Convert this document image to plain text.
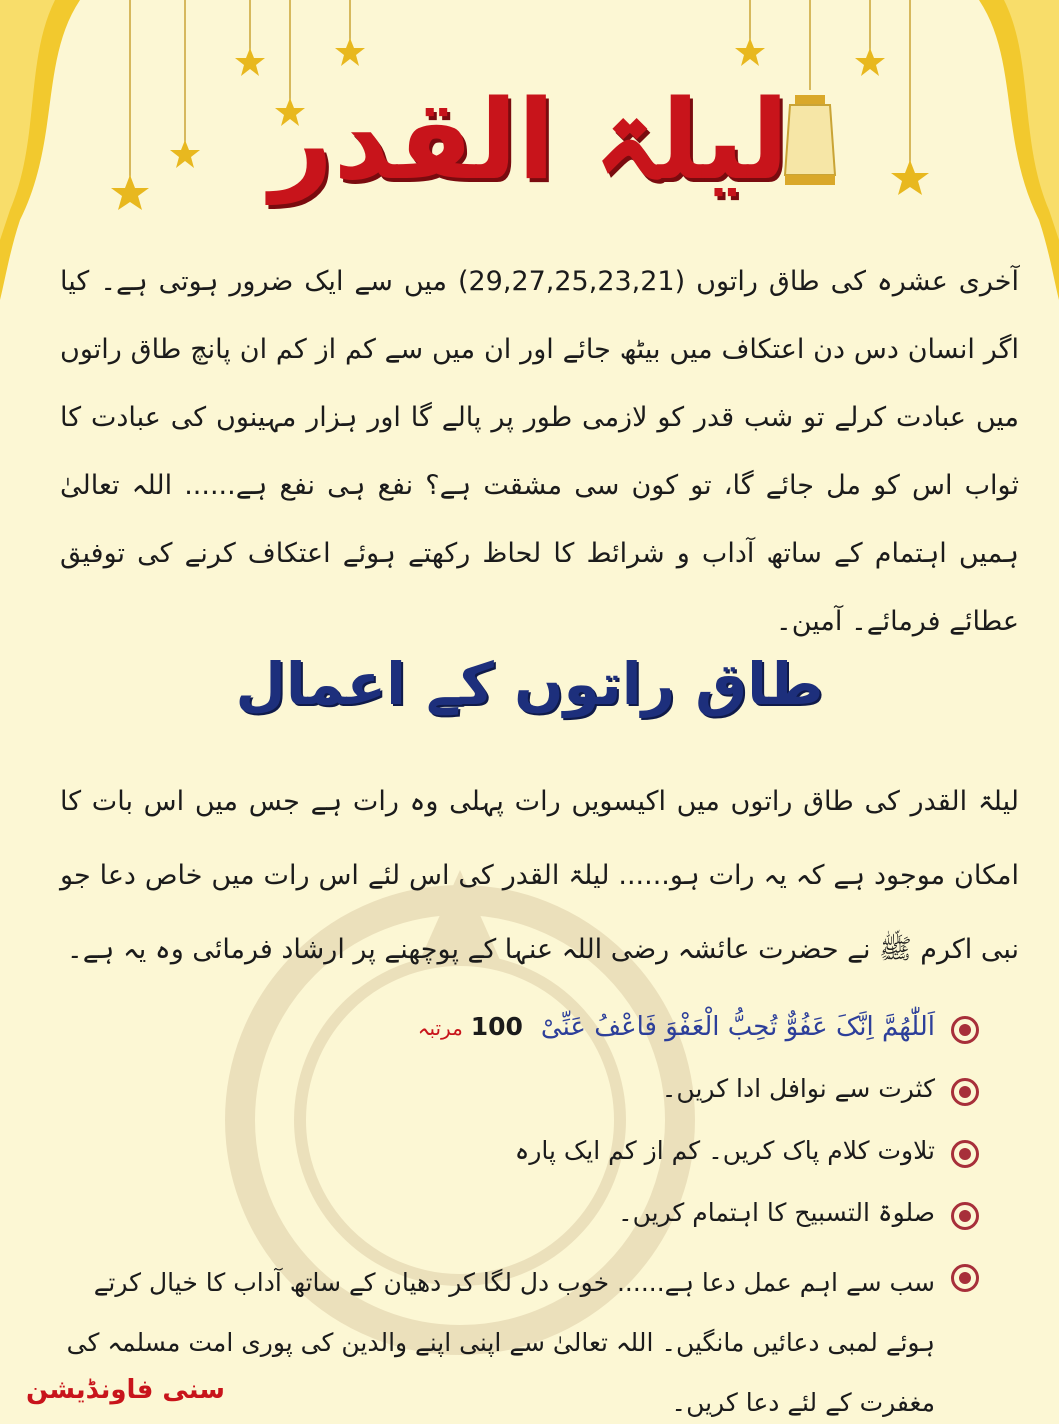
لیلۃ القدر
آخری عشرہ کی طاق راتوں (29,27,25,23,21) میں سے ایک ضرور ہوتی ہے۔ کیا اگر انسان دس دن اعتکاف میں بیٹھ جائے اور ان میں سے کم از کم ان پانچ طاق راتوں میں عبادت کرلے تو شب قدر کو لازمی طور پر پالے گا اور ہزار مہینوں کی عبادت کا ثواب اس کو مل جائے گا، تو کون سی مشقت ہے؟ نفع ہی نفع ہے...... اللہ تعالیٰ ہمیں اہتمام کے ساتھ آداب و شرائط کا لحاظ رکھتے ہوئے اعتکاف کرنے کی توفیق عطائے فرمائے۔ آمین۔
طاق راتوں کے اعمال
لیلۃ القدر کی طاق راتوں میں اکیسویں رات پہلی وہ رات ہے جس میں اس بات کا امکان موجود ہے کہ یہ رات ہو...... لیلۃ القدر کی اس لئے اس رات میں خاص دعا جو نبی اکرم ﷺ نے حضرت عائشہ رضی اللہ عنہا کے پوچھنے پر ارشاد فرمائی وہ یہ ہے۔
اَللّٰھُمَّ اِنَّکَ عَفُوٌّ تُحِبُّ الْعَفْوَ فَاعْفُ عَنِّیْ 100 مرتبہ
کثرت سے نوافل ادا کریں۔
تلاوت کلام پاک کریں۔ کم از کم ایک پارہ
صلوۃ التسبیح کا اہتمام کریں۔
سب سے اہم عمل دعا ہے...... خوب دل لگا کر دھیان کے ساتھ آداب کا خیال کرتے ہوئے لمبی دعائیں مانگیں۔ اللہ تعالیٰ سے اپنی اپنے والدین کی پوری امت مسلمہ کی مغفرت کے لئے دعا کریں۔
سنی فاونڈیشن
